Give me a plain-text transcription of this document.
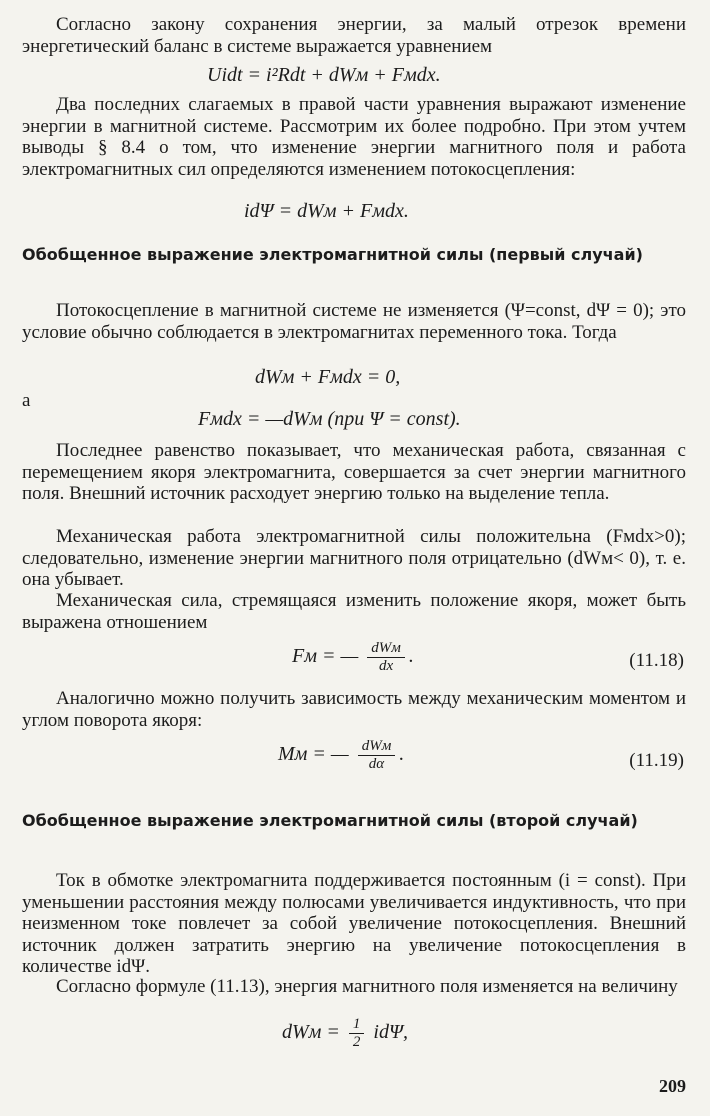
Согласно закону сохранения энергии, за малый отрезок времени энергетический баланс в системе выражается уравнением

Uidt = i²Rdt + dWм + Fмdx.

Два последних слагаемых в правой части уравнения выражают изменение энергии в магнитной системе. Рассмотрим их более подробно. При этом учтем выводы § 8.4 о том, что изменение энергии магнитного поля и работа электромагнитных сил определяются изменением потокосцепления:

idΨ = dWм + Fмdx.

Обобщенное выражение электромагнитной силы (первый случай)

Потокосцепление в магнитной системе не изменяется (Ψ=const, dΨ = 0); это условие обычно соблюдается в электромагнитах переменного тока. Тогда

dWм + Fмdx = 0,
а
Fмdx = —dWм (при Ψ = const).

Последнее равенство показывает, что механическая работа, связанная с перемещением якоря электромагнита, совершается за счет энергии магнитного поля. Внешний источник расходует энергию только на выделение тепла.

Механическая работа электромагнитной силы положительна (Fмdx>0); следовательно, изменение энергии магнитного поля отрицательно (dWм< 0), т. е. она убывает.

Механическая сила, стремящаяся изменить положение якоря, может быть выражена отношением

Fм = — $\frac{\text{dWм}}{dx}$ .	(11.18)

Аналогично можно получить зависимость между механическим моментом и углом поворота якоря:

Mм = — $\frac{\text{dWм}}{d\alpha}$ .	(11.19)

Обобщенное выражение электромагнитной силы (второй случай)

Ток в обмотке электромагнита поддерживается постоянным (i = const). При уменьшении расстояния между полюсами увеличивается индуктивность, что при неизменном токе повлечет за собой увеличение потокосцепления. Внешний источник должен затратить энергию на увеличение потокосцепления в количестве idΨ.

Согласно формуле (11.13), энергия магнитного поля изменяется на величину

dWм = $\frac{1}{2} id\Psi$,
209
